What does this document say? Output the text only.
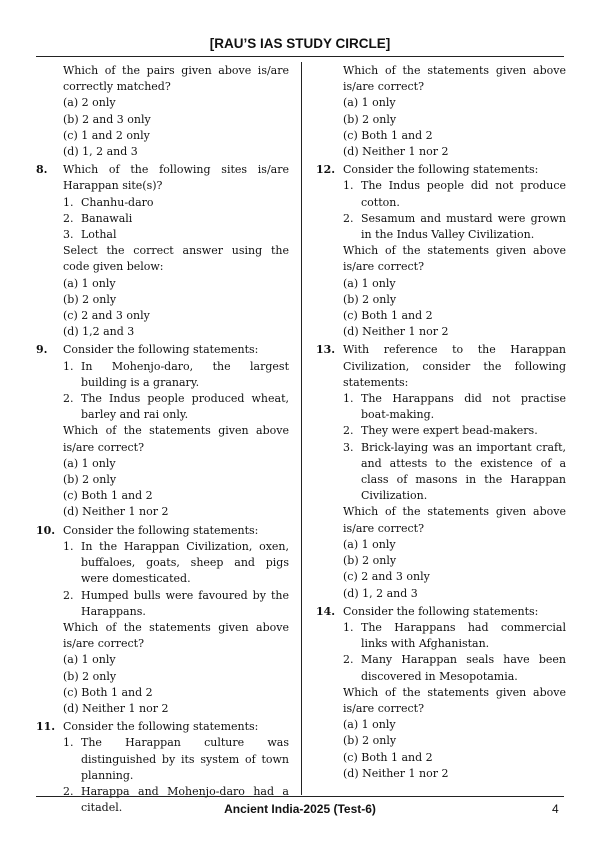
[RAU’S IAS STUDY CIRCLE]
Which of the pairs given above is/are correctly matched?
(a) 2 only
(b) 2 and 3 only
(c) 1 and 2 only
(d) 1, 2 and 3
8.	Which of the following sites is/are Harappan site(s)?
1. Chanhu-daro
2. Banawali
3. Lothal
Select the correct answer using the code given below:
(a) 1 only
(b) 2 only
(c) 2 and 3 only
(d) 1,2 and 3
9.	Consider the following statements:
1. In Mohenjo-daro, the largest building is a granary.
2. The Indus people produced wheat, barley and rai only.
Which of the statements given above is/are correct?
(a) 1 only
(b) 2 only
(c) Both 1 and 2
(d) Neither 1 nor 2
10. Consider the following statements:
1. In the Harappan Civilization, oxen, buffaloes, goats, sheep and pigs were domesticated.
2. Humped bulls were favoured by the Harappans.
Which of the statements given above is/are correct?
(a) 1 only
(b) 2 only
(c) Both 1 and 2
(d) Neither 1 nor 2
11. Consider the following statements:
1. The Harappan culture was distinguished by its system of town planning.
2. Harappa and Mohenjo-daro had a citadel.
Which of the statements given above is/are correct?
(a) 1 only
(b) 2 only
(c) Both 1 and 2
(d) Neither 1 nor 2
12. Consider the following statements:
1. The Indus people did not produce cotton.
2. Sesamum and mustard were grown in the Indus Valley Civilization.
Which of the statements given above is/are correct?
(a) 1 only
(b) 2 only
(c) Both 1 and 2
(d) Neither 1 nor 2
13. With reference to the Harappan Civilization, consider the following statements:
1. The Harappans did not practise boat-making.
2. They were expert bead-makers.
3. Brick-laying was an important craft, and attests to the existence of a class of masons in the Harappan Civilization.
Which of the statements given above is/are correct?
(a) 1 only
(b) 2 only
(c) 2 and 3 only
(d) 1, 2 and 3
14. Consider the following statements:
1. The Harappans had commercial links with Afghanistan.
2. Many Harappan seals have been discovered in Mesopotamia.
Which of the statements given above is/are correct?
(a) 1 only
(b) 2 only
(c) Both 1 and 2
(d) Neither 1 nor 2
Ancient India-2025 (Test-6)	4
